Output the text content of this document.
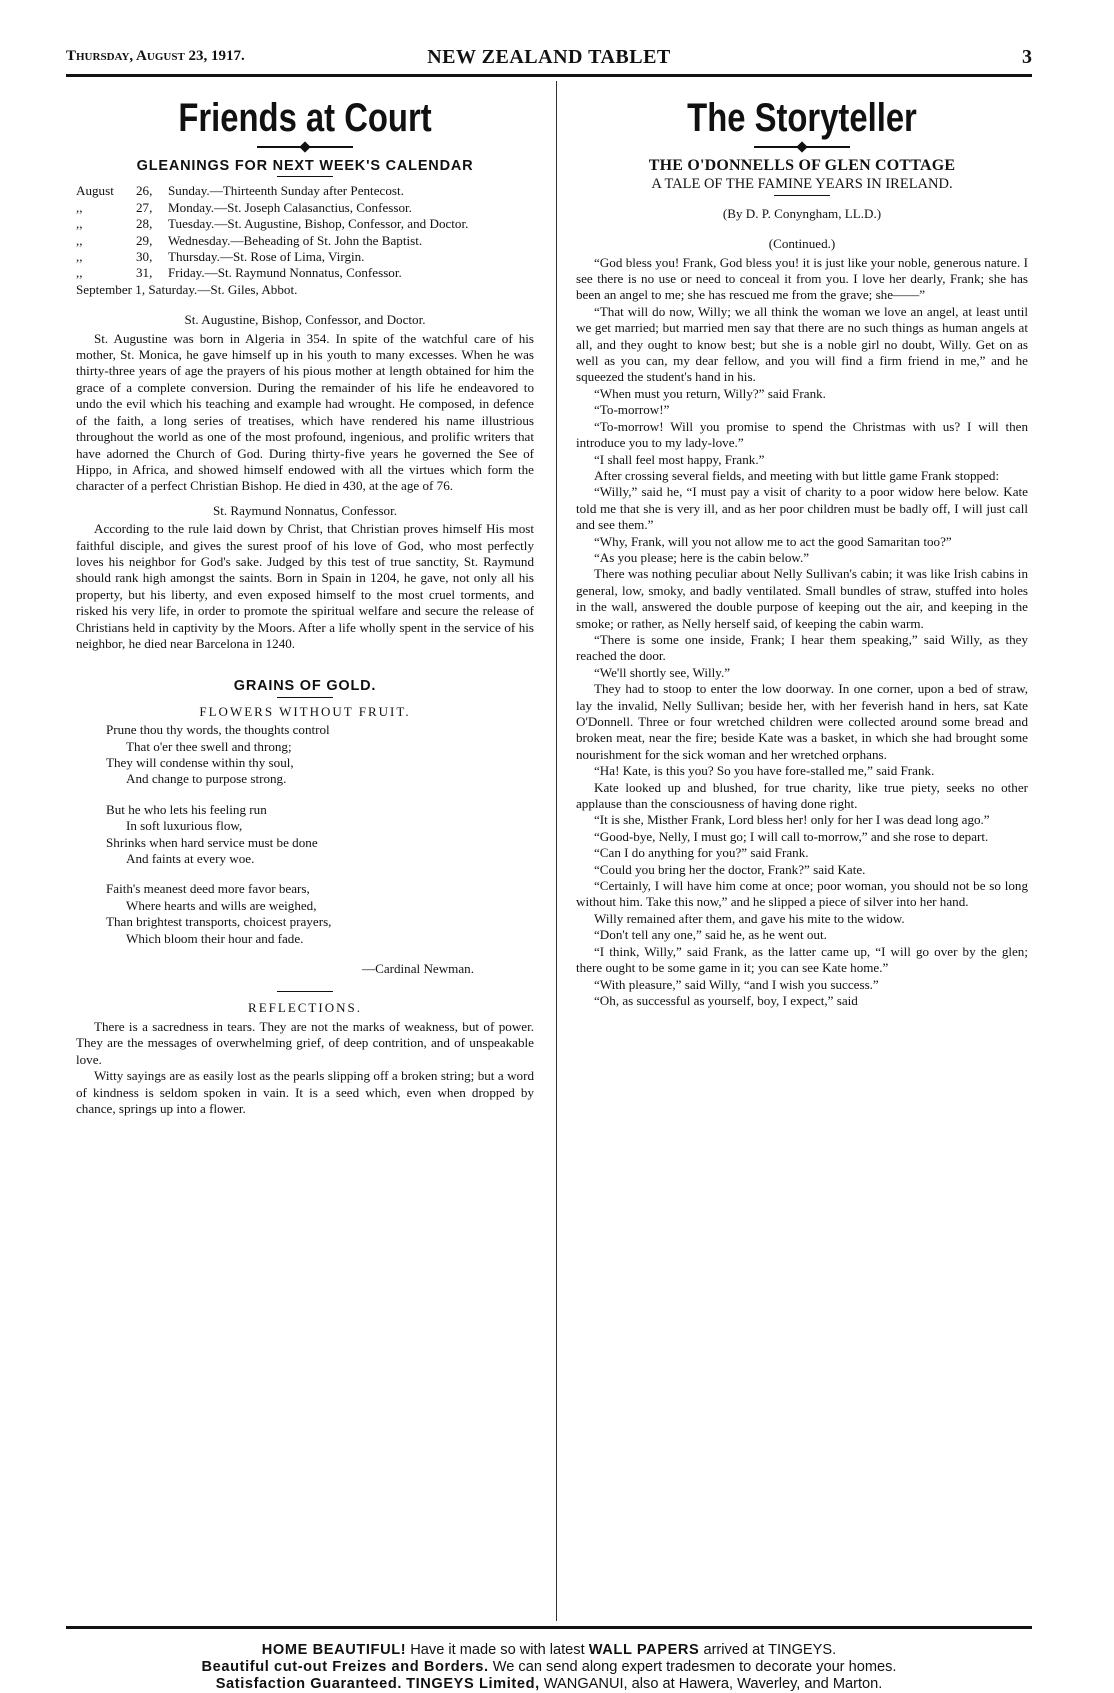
Thursday, August 23, 1917.	NEW ZEALAND TABLET	3
Friends at Court
GLEANINGS FOR NEXT WEEK'S CALENDAR
August	26,	Sunday.—Thirteenth Sunday after Pentecost.
,,	27,	Monday.—St. Joseph Calasanctius, Confessor.
,,	28,	Tuesday.—St. Augustine, Bishop, Confessor, and Doctor.
,,	29,	Wednesday.—Beheading of St. John the Baptist.
,,	30,	Thursday.—St. Rose of Lima, Virgin.
,,	31,	Friday.—St. Raymund Nonnatus, Confessor.
September 1, Saturday.—St. Giles, Abbot.
St. Augustine, Bishop, Confessor, and Doctor.

St. Augustine was born in Algeria in 354. In spite of the watchful care of his mother, St. Monica, he gave himself up in his youth to many excesses. When he was thirty-three years of age the prayers of his pious mother at length obtained for him the grace of a complete conversion. During the remainder of his life he endeavored to undo the evil which his teaching and example had wrought. He composed, in defence of the faith, a long series of treatises, which have rendered his name illustrious throughout the world as one of the most profound, ingenious, and prolific writers that have adorned the Church of God. During thirty-five years he governed the See of Hippo, in Africa, and showed himself endowed with all the virtues which form the character of a perfect Christian Bishop. He died in 430, at the age of 76.

St. Raymund Nonnatus, Confessor.

According to the rule laid down by Christ, that Christian proves himself His most faithful disciple, and gives the surest proof of his love of God, who most perfectly loves his neighbor for God's sake. Judged by this test of true sanctity, St. Raymund should rank high amongst the saints. Born in Spain in 1204, he gave, not only all his property, but his liberty, and even exposed himself to the most cruel torments, and risked his very life, in order to promote the spiritual welfare and secure the release of Christians held in captivity by the Moors. After a life wholly spent in the service of his neighbor, he died near Barcelona in 1240.

GRAINS OF GOLD.
FLOWERS WITHOUT FRUIT.
Prune thou thy words, the thoughts control
That o'er thee swell and throng;
They will condense within thy soul,
And change to purpose strong.
But he who lets his feeling run
In soft luxurious flow,
Shrinks when hard service must be done
And faints at every woe.
Faith's meanest deed more favor bears,
Where hearts and wills are weighed,
Than brightest transports, choicest prayers,
Which bloom their hour and fade.
—Cardinal Newman.
REFLECTIONS.

There is a sacredness in tears. They are not the marks of weakness, but of power. They are the messages of overwhelming grief, of deep contrition, and of unspeakable love.

Witty sayings are as easily lost as the pearls slipping off a broken string; but a word of kindness is seldom spoken in vain. It is a seed which, even when dropped by chance, springs up into a flower.

The Storyteller
THE O'DONNELLS OF GLEN COTTAGE
A TALE OF THE FAMINE YEARS IN IRELAND.
(By D. P. Conyngham, LL.D.)
(Continued.)

“God bless you! Frank, God bless you! it is just like your noble, generous nature. I see there is no use or need to conceal it from you. I love her dearly, Frank; she has been an angel to me; she has rescued me from the grave; she——”

“That will do now, Willy; we all think the woman we love an angel, at least until we get married; but married men say that there are no such things as human angels at all, and they ought to know best; but she is a noble girl no doubt, Willy. Get on as well as you can, my dear fellow, and you will find a firm friend in me,” and he squeezed the student's hand in his.

“When must you return, Willy?” said Frank.

“To-morrow!”

“To-morrow! Will you promise to spend the Christmas with us? I will then introduce you to my lady-love.”

“I shall feel most happy, Frank.”

After crossing several fields, and meeting with but little game Frank stopped:

“Willy,” said he, “I must pay a visit of charity to a poor widow here below. Kate told me that she is very ill, and as her poor children must be badly off, I will just call and see them.”

“Why, Frank, will you not allow me to act the good Samaritan too?”

“As you please; here is the cabin below.”

There was nothing peculiar about Nelly Sullivan's cabin; it was like Irish cabins in general, low, smoky, and badly ventilated. Small bundles of straw, stuffed into holes in the wall, answered the double purpose of keeping out the air, and keeping in the smoke; or rather, as Nelly herself said, of keeping the cabin warm.

“There is some one inside, Frank; I hear them speaking,” said Willy, as they reached the door.

“We'll shortly see, Willy.”

They had to stoop to enter the low doorway. In one corner, upon a bed of straw, lay the invalid, Nelly Sullivan; beside her, with her feverish hand in hers, sat Kate O'Donnell. Three or four wretched children were collected around some bread and broken meat, near the fire; beside Kate was a basket, in which she had brought some nourishment for the sick woman and her wretched orphans.

“Ha! Kate, is this you? So you have fore-stalled me,” said Frank.

Kate looked up and blushed, for true charity, like true piety, seeks no other applause than the consciousness of having done right.

“It is she, Misther Frank, Lord bless her! only for her I was dead long ago.”

“Good-bye, Nelly, I must go; I will call to-morrow,” and she rose to depart.

“Can I do anything for you?” said Frank.

“Could you bring her the doctor, Frank?” said Kate.

“Certainly, I will have him come at once; poor woman, you should not be so long without him. Take this now,” and he slipped a piece of silver into her hand.

Willy remained after them, and gave his mite to the widow.

“Don't tell any one,” said he, as he went out.

“I think, Willy,” said Frank, as the latter came up, “I will go over by the glen; there ought to be some game in it; you can see Kate home.”

“With pleasure,” said Willy, “and I wish you success.”

“Oh, as successful as yourself, boy, I expect,” said

HOME BEAUTIFUL! Have it made so with latest WALL PAPERS arrived at TINGEYS.
Beautiful cut-out Freizes and Borders. We can send along expert tradesmen to decorate your homes.
Satisfaction Guaranteed. TINGEYS Limited, WANGANUI, also at Hawera, Waverley, and Marton.
